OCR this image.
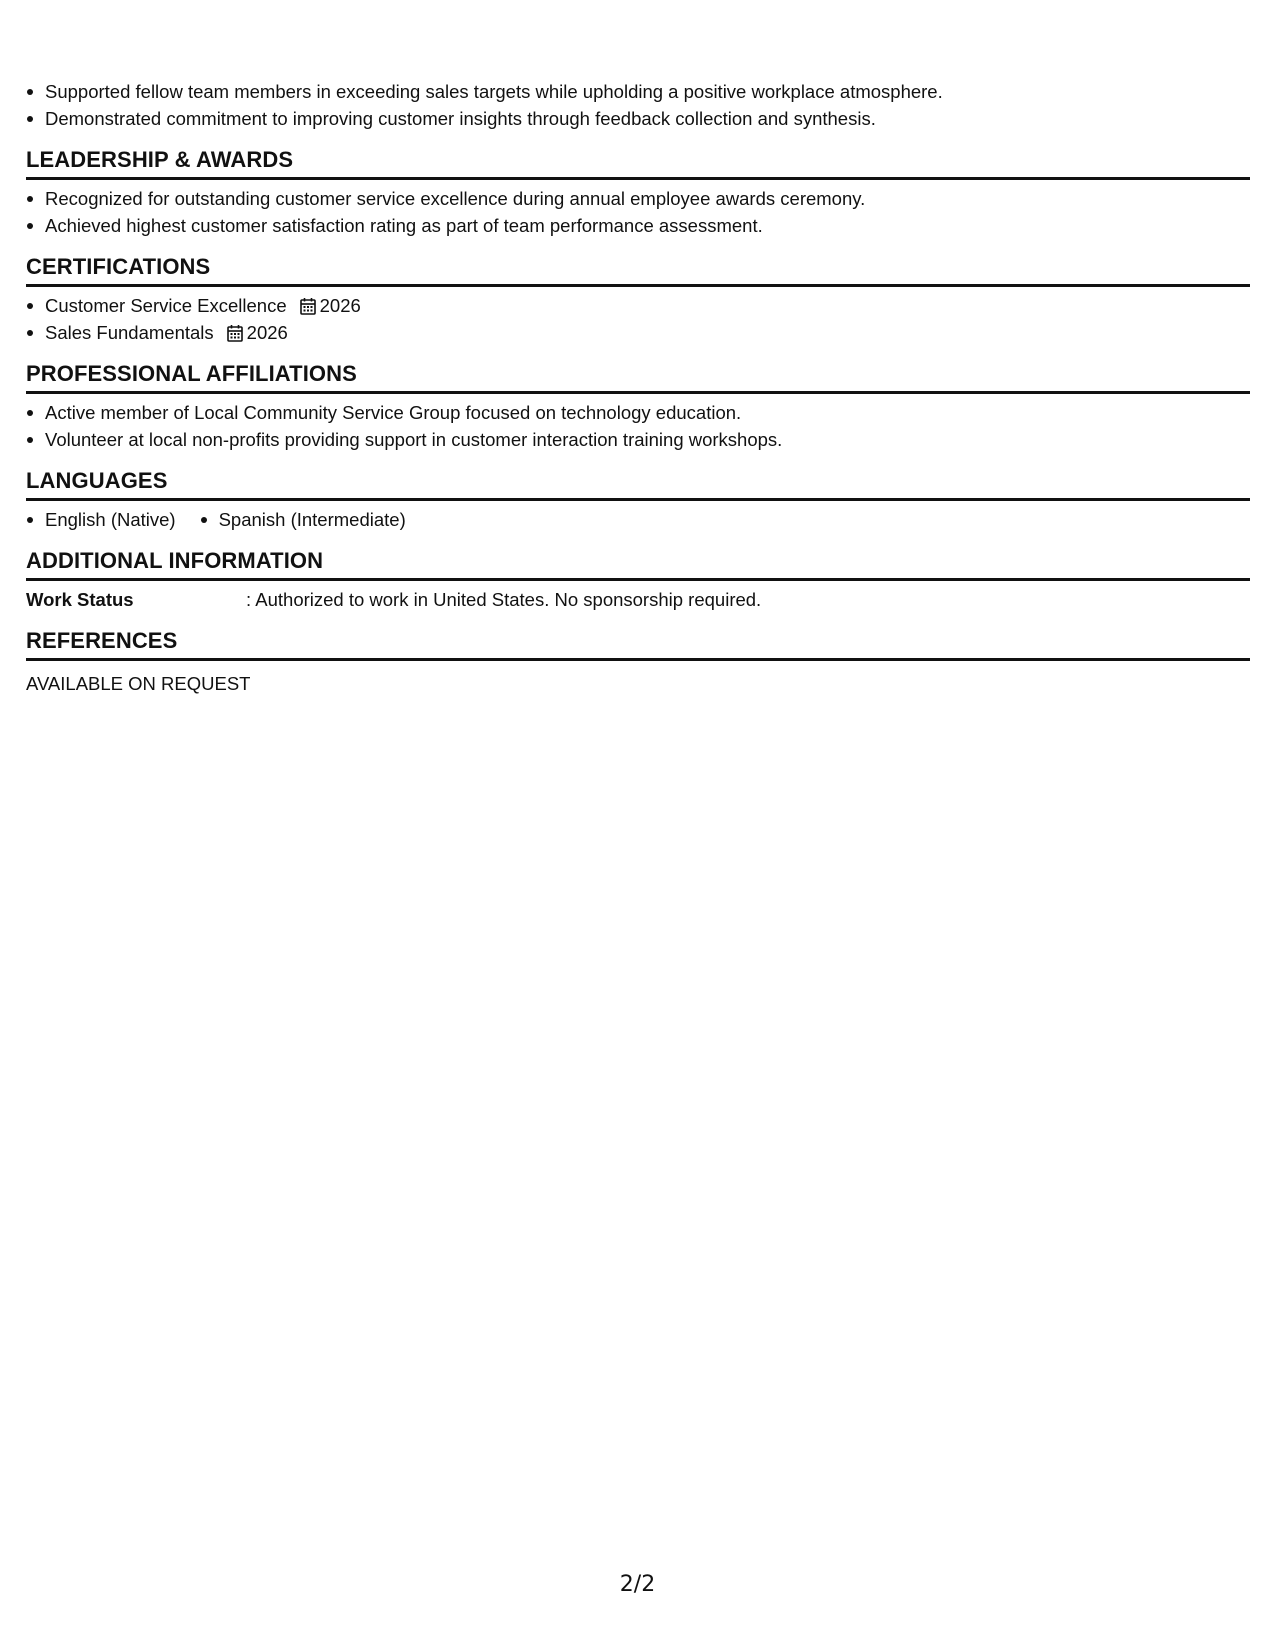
Supported fellow team members in exceeding sales targets while upholding a positive workplace atmosphere.
Demonstrated commitment to improving customer insights through feedback collection and synthesis.
LEADERSHIP & AWARDS
Recognized for outstanding customer service excellence during annual employee awards ceremony.
Achieved highest customer satisfaction rating as part of team performance assessment.
CERTIFICATIONS
Customer Service Excellence 2026
Sales Fundamentals 2026
PROFESSIONAL AFFILIATIONS
Active member of Local Community Service Group focused on technology education.
Volunteer at local non-profits providing support in customer interaction training workshops.
LANGUAGES
English (Native)	Spanish (Intermediate)
ADDITIONAL INFORMATION
Work Status	: Authorized to work in United States. No sponsorship required.
REFERENCES
AVAILABLE ON REQUEST
2/2
